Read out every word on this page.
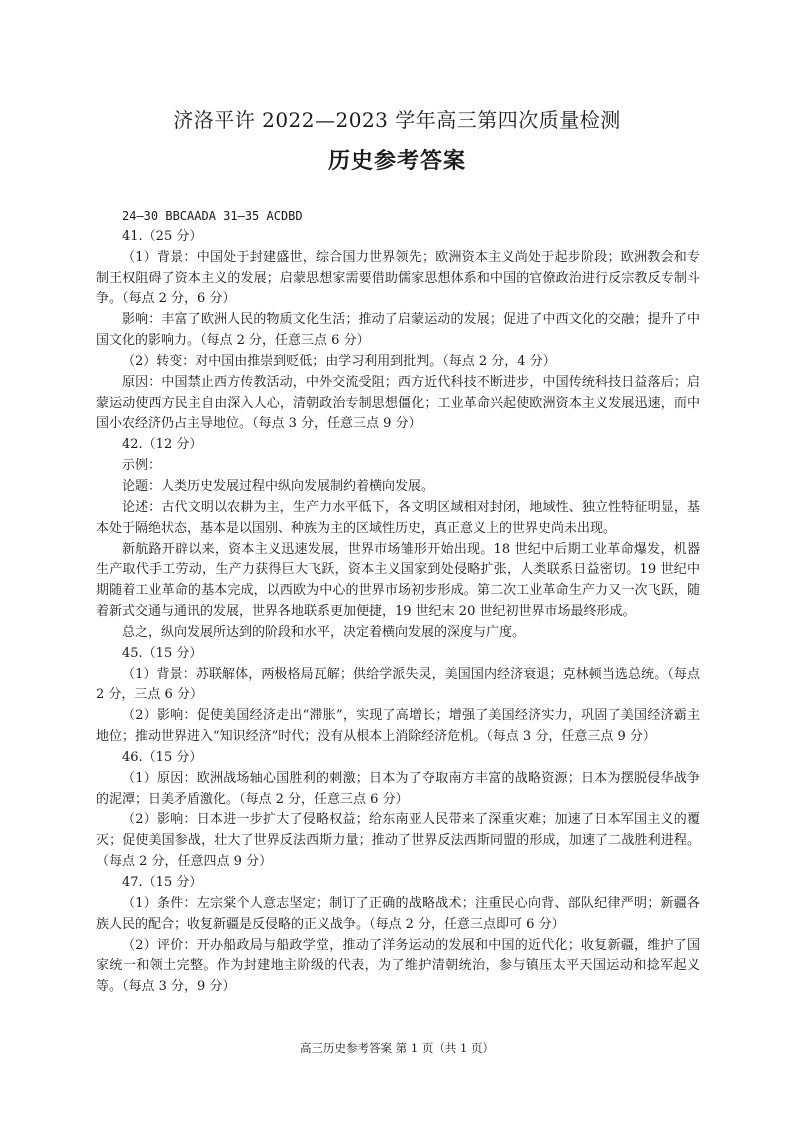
济洛平许 2022—2023 学年高三第四次质量检测
历史参考答案

24—30 BBCAADA 31—35 ACDBD

41.（25 分）

（1）背景：中国处于封建盛世，综合国力世界领先；欧洲资本主义尚处于起步阶段；欧洲教会和专制王权阻碍了资本主义的发展；启蒙思想家需要借助儒家思想体系和中国的官僚政治进行反宗教反专制斗争。（每点 2 分，6 分）

影响：丰富了欧洲人民的物质文化生活；推动了启蒙运动的发展；促进了中西文化的交融；提升了中国文化的影响力。（每点 2 分，任意三点 6 分）

（2）转变：对中国由推崇到贬低；由学习利用到批判。（每点 2 分，4 分）

原因：中国禁止西方传教活动，中外交流受阻；西方近代科技不断进步，中国传统科技日益落后；启蒙运动使西方民主自由深入人心，清朝政治专制思想僵化；工业革命兴起使欧洲资本主义发展迅速，而中国小农经济仍占主导地位。（每点 3 分，任意三点 9 分）

42.（12 分）

示例：

论题：人类历史发展过程中纵向发展制约着横向发展。

论述：古代文明以农耕为主，生产力水平低下，各文明区域相对封闭，地域性、独立性特征明显，基本处于隔绝状态，基本是以国别、种族为主的区域性历史，真正意义上的世界史尚未出现。

新航路开辟以来，资本主义迅速发展，世界市场雏形开始出现。18 世纪中后期工业革命爆发，机器生产取代手工劳动，生产力获得巨大飞跃，资本主义国家到处侵略扩张，人类联系日益密切。19 世纪中期随着工业革命的基本完成，以西欧为中心的世界市场初步形成。第二次工业革命生产力又一次飞跃，随着新式交通与通讯的发展，世界各地联系更加便捷，19 世纪末 20 世纪初世界市场最终形成。

总之，纵向发展所达到的阶段和水平，决定着横向发展的深度与广度。

45.（15 分）

（1）背景：苏联解体，两极格局瓦解；供给学派失灵，美国国内经济衰退；克林顿当选总统。（每点 2 分，三点 6 分）

（2）影响：促使美国经济走出“滞胀”，实现了高增长；增强了美国经济实力，巩固了美国经济霸主地位；推动世界进入“知识经济”时代；没有从根本上消除经济危机。（每点 3 分，任意三点 9 分）

46.（15 分）

（1）原因：欧洲战场轴心国胜利的刺激；日本为了夺取南方丰富的战略资源；日本为摆脱侵华战争的泥潭；日美矛盾激化。（每点 2 分，任意三点 6 分）

（2）影响：日本进一步扩大了侵略权益；给东南亚人民带来了深重灾难；加速了日本军国主义的覆灭；促使美国参战，壮大了世界反法西斯力量；推动了世界反法西斯同盟的形成，加速了二战胜利进程。（每点 2 分，任意四点 9 分）

47.（15 分）

（1）条件：左宗棠个人意志坚定；制订了正确的战略战术；注重民心向背、部队纪律严明；新疆各族人民的配合；收复新疆是反侵略的正义战争。（每点 2 分，任意三点即可 6 分）

（2）评价：开办船政局与船政学堂，推动了洋务运动的发展和中国的近代化；收复新疆，维护了国家统一和领土完整。作为封建地主阶级的代表，为了维护清朝统治，参与镇压太平天国运动和捻军起义等。（每点 3 分，9 分）

高三历史参考答案 第 1 页（共 1 页）
